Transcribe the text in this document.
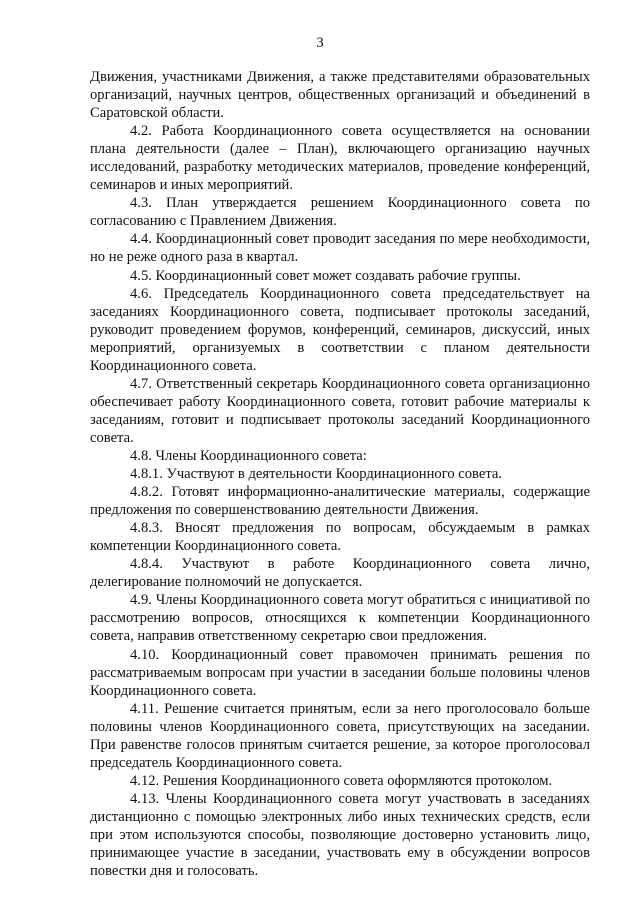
3

Движения, участниками Движения, а также представителями образовательных организаций, научных центров, общественных организаций и объединений в Саратовской области.

4.2. Работа Координационного совета осуществляется на основании плана деятельности (далее – План), включающего организацию научных исследований, разработку методических материалов, проведение конференций, семинаров и иных мероприятий.

4.3. План утверждается решением Координационного совета по согласованию с Правлением Движения.

4.4. Координационный совет проводит заседания по мере необходимости, но не реже одного раза в квартал.

4.5. Координационный совет может создавать рабочие группы.

4.6. Председатель Координационного совета председательствует на заседаниях Координационного совета, подписывает протоколы заседаний, руководит проведением форумов, конференций, семинаров, дискуссий, иных мероприятий, организуемых в соответствии с планом деятельности Координационного совета.

4.7. Ответственный секретарь Координационного совета организационно обеспечивает работу Координационного совета, готовит рабочие материалы к заседаниям, готовит и подписывает протоколы заседаний Координационного совета.

4.8. Члены Координационного совета:

4.8.1. Участвуют в деятельности Координационного совета.

4.8.2. Готовят информационно-аналитические материалы, содержащие предложения по совершенствованию деятельности Движения.

4.8.3. Вносят предложения по вопросам, обсуждаемым в рамках компетенции Координационного совета.

4.8.4. Участвуют в работе Координационного совета лично, делегирование полномочий не допускается.

4.9. Члены Координационного совета могут обратиться с инициативой по рассмотрению вопросов, относящихся к компетенции Координационного совета, направив ответственному секретарю свои предложения.

4.10. Координационный совет правомочен принимать решения по рассматриваемым вопросам при участии в заседании больше половины членов Координационного совета.

4.11. Решение считается принятым, если за него проголосовало больше половины членов Координационного совета, присутствующих на заседании. При равенстве голосов принятым считается решение, за которое проголосовал председатель Координационного совета.

4.12. Решения Координационного совета оформляются протоколом.

4.13. Члены Координационного совета могут участвовать в заседаниях дистанционно с помощью электронных либо иных технических средств, если при этом используются способы, позволяющие достоверно установить лицо, принимающее участие в заседании, участвовать ему в обсуждении вопросов повестки дня и голосовать.
